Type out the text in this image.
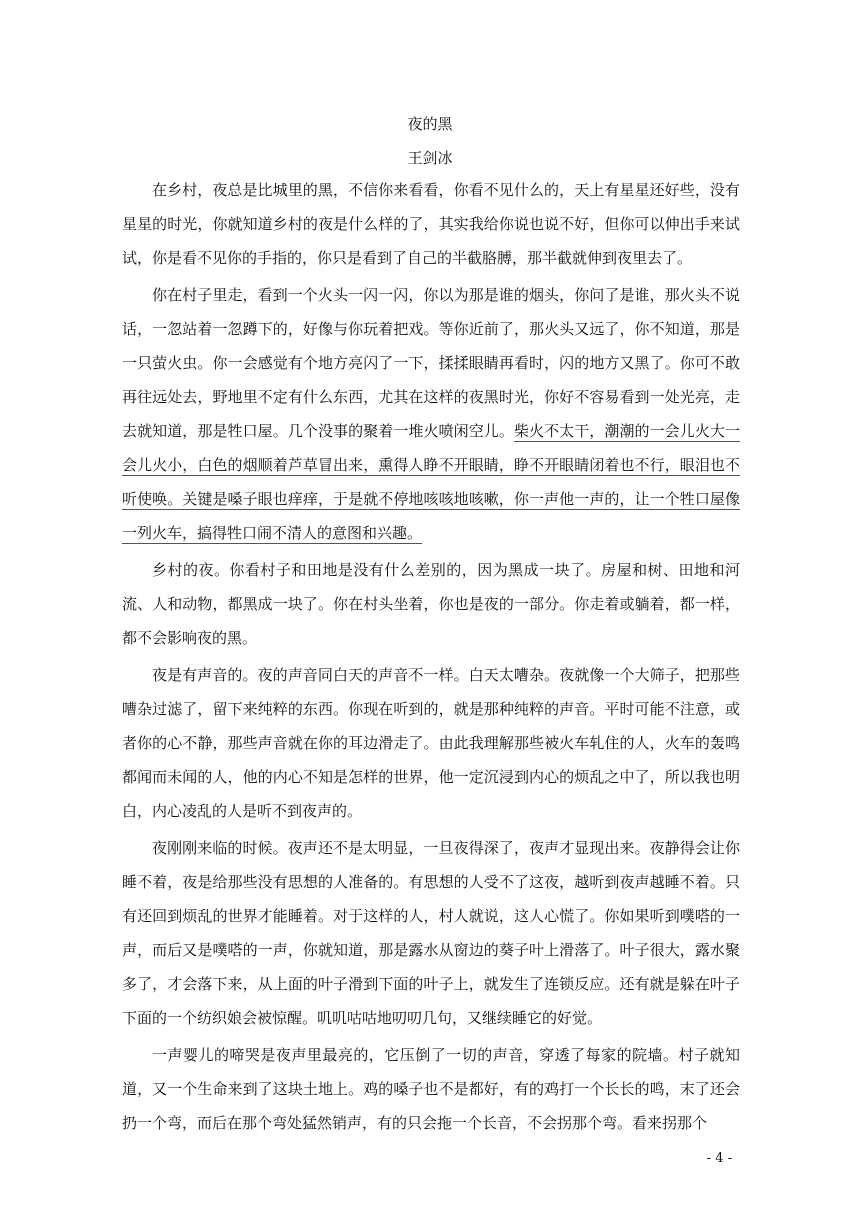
夜的黑
王剑冰

在乡村，夜总是比城里的黑，不信你来看看，你看不见什么的，天上有星星还好些，没有星星的时光，你就知道乡村的夜是什么样的了，其实我给你说也说不好，但你可以伸出手来试试，你是看不见你的手指的，你只是看到了自己的半截胳膊，那半截就伸到夜里去了。

你在村子里走，看到一个火头一闪一闪，你以为那是谁的烟头，你问了是谁，那火头不说话，一忽站着一忽蹲下的，好像与你玩着把戏。等你近前了，那火头又远了，你不知道，那是一只萤火虫。你一会感觉有个地方亮闪了一下，揉揉眼睛再看时，闪的地方又黑了。你可不敢再往远处去，野地里不定有什么东西，尤其在这样的夜黑时光，你好不容易看到一处光亮，走去就知道，那是牲口屋。几个没事的聚着一堆火喷闲空儿。柴火不太干，潮潮的一会儿火大一会儿火小，白色的烟顺着芦草冒出来，熏得人睁不开眼睛，睁不开眼睛闭着也不行，眼泪也不听使唤。关键是嗓子眼也痒痒，于是就不停地咳咳地咳嗽，你一声他一声的，让一个牲口屋像一列火车，搞得牲口闹不清人的意图和兴趣。

乡村的夜。你看村子和田地是没有什么差别的，因为黑成一块了。房屋和树、田地和河流、人和动物，都黑成一块了。你在村头坐着，你也是夜的一部分。你走着或躺着，都一样，都不会影响夜的黑。

夜是有声音的。夜的声音同白天的声音不一样。白天太嘈杂。夜就像一个大筛子，把那些嘈杂过滤了，留下来纯粹的东西。你现在听到的，就是那种纯粹的声音。平时可能不注意，或者你的心不静，那些声音就在你的耳边滑走了。由此我理解那些被火车轧住的人，火车的轰鸣都闻而未闻的人，他的内心不知是怎样的世界，他一定沉浸到内心的烦乱之中了，所以我也明白，内心凌乱的人是听不到夜声的。

夜刚刚来临的时候。夜声还不是太明显，一旦夜得深了，夜声才显现出来。夜静得会让你睡不着，夜是给那些没有思想的人准备的。有思想的人受不了这夜，越听到夜声越睡不着。只有还回到烦乱的世界才能睡着。对于这样的人，村人就说，这人心慌了。你如果听到噗嗒的一声，而后又是噗嗒的一声，你就知道，那是露水从窗边的葵子叶上滑落了。叶子很大，露水聚多了，才会落下来，从上面的叶子滑到下面的叶子上，就发生了连锁反应。还有就是躲在叶子下面的一个纺织娘会被惊醒。叽叽咕咕地叨叨几句，又继续睡它的好觉。

一声婴儿的啼哭是夜声里最亮的，它压倒了一切的声音，穿透了每家的院墙。村子就知道，又一个生命来到了这块土地上。鸡的嗓子也不是都好，有的鸡打一个长长的鸣，末了还会扔一个弯，而后在那个弯处猛然销声，有的只会拖一个长音，不会拐那个弯。看来拐那个

- 4 -
